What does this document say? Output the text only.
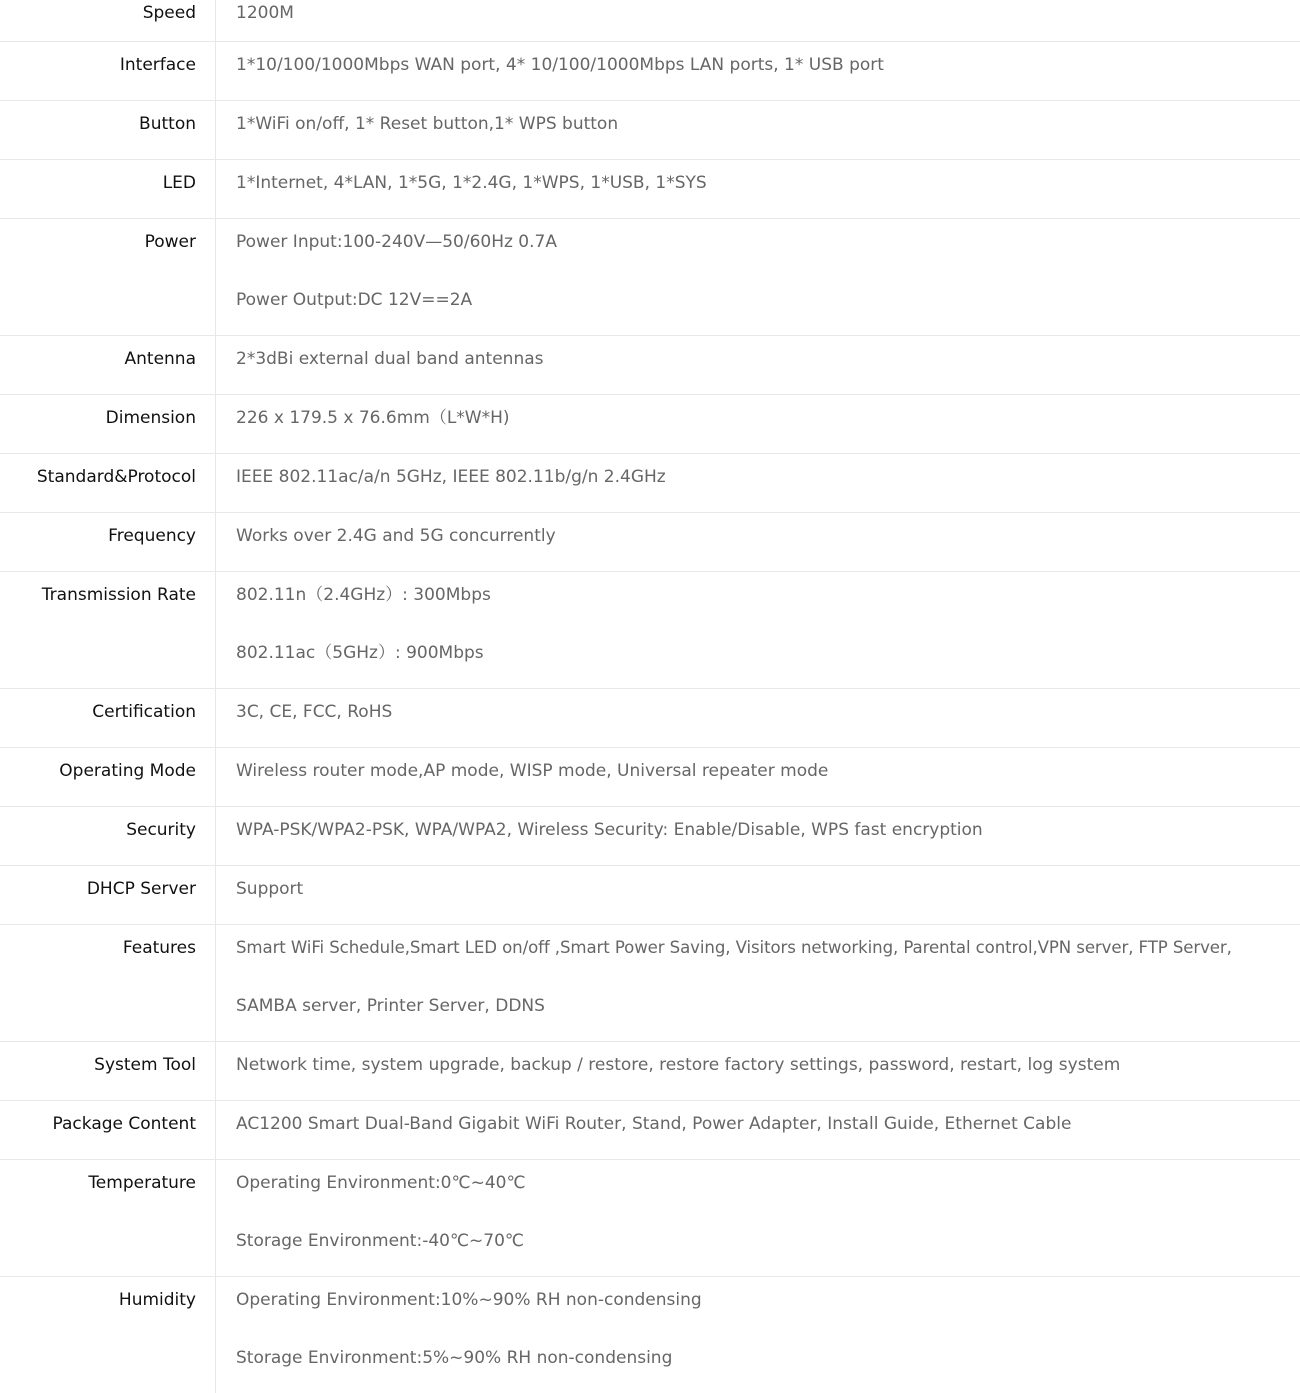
Speed	1200M
Interface	1*10/100/1000Mbps WAN port, 4* 10/100/1000Mbps LAN ports, 1* USB port
Button	1*WiFi on/off, 1* Reset button,1* WPS button
LED	1*Internet, 4*LAN, 1*5G, 1*2.4G, 1*WPS, 1*USB, 1*SYS
Power	Power Input:100-240V—50/60Hz 0.7A
Power Output:DC 12V==2A
Antenna	2*3dBi external dual band antennas
Dimension	226 x 179.5 x 76.6mm（L*W*H)
Standard&Protocol	IEEE 802.11ac/a/n 5GHz, IEEE 802.11b/g/n 2.4GHz
Frequency	Works over 2.4G and 5G concurrently
Transmission Rate	802.11n（2.4GHz）: 300Mbps
802.11ac（5GHz）: 900Mbps
Certification	3C, CE, FCC, RoHS
Operating Mode	Wireless router mode,AP mode, WISP mode, Universal repeater mode
Security	WPA-PSK/WPA2-PSK, WPA/WPA2, Wireless Security: Enable/Disable, WPS fast encryption
DHCP Server	Support
Features	Smart WiFi Schedule,Smart LED on/off ,Smart Power Saving, Visitors networking, Parental control,VPN server, FTP Server,
SAMBA server, Printer Server, DDNS
System Tool	Network time, system upgrade, backup / restore, restore factory settings, password, restart, log system
Package Content	AC1200 Smart Dual-Band Gigabit WiFi Router, Stand, Power Adapter, Install Guide, Ethernet Cable
Temperature	Operating Environment:0℃~40℃
Storage Environment:-40℃~70℃
Humidity	Operating Environment:10%~90% RH non-condensing
Storage Environment:5%~90% RH non-condensing
